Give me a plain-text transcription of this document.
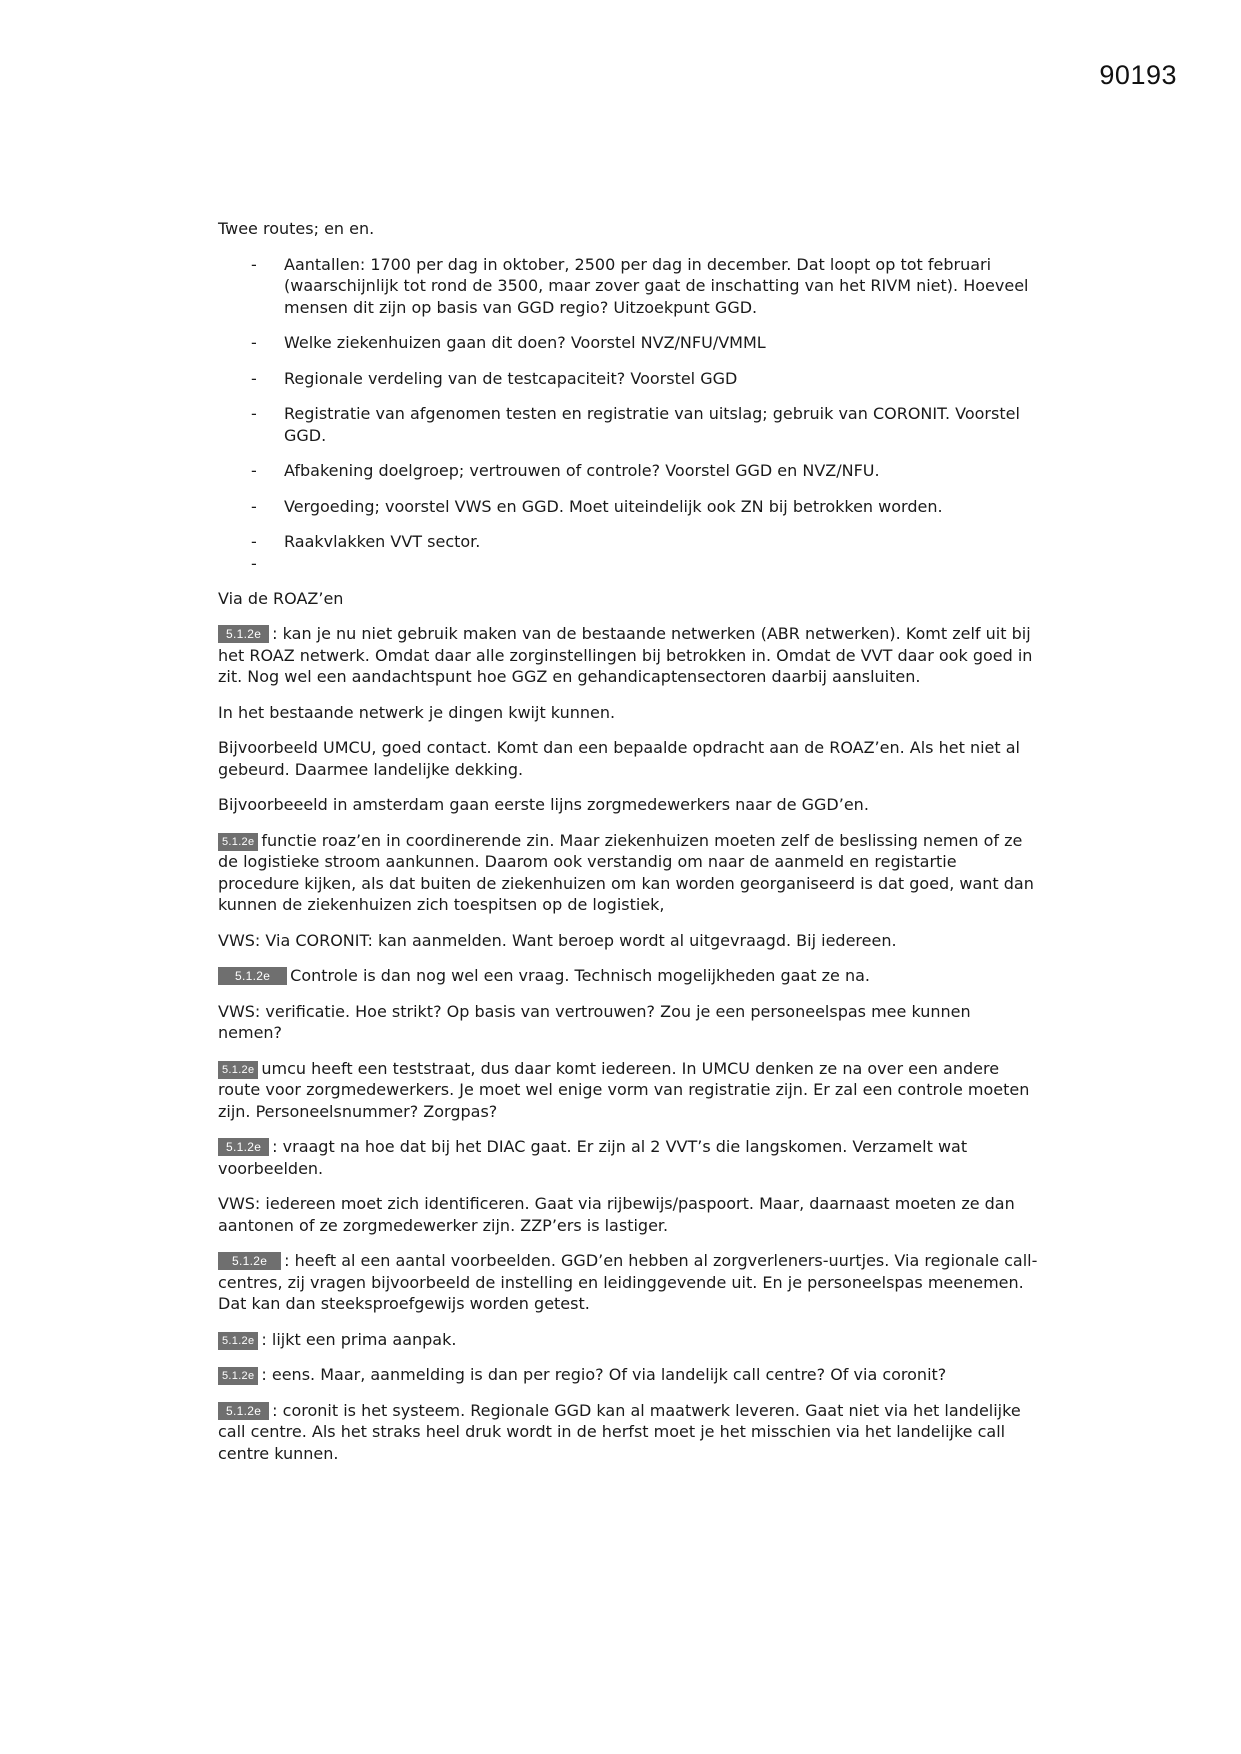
90193

Twee routes; en en.

- Aantallen: 1700 per dag in oktober, 2500 per dag in december. Dat loopt op tot februari (waarschijnlijk tot rond de 3500, maar zover gaat de inschatting van het RIVM niet). Hoeveel mensen dit zijn op basis van GGD regio? Uitzoekpunt GGD.
- Welke ziekenhuizen gaan dit doen? Voorstel NVZ/NFU/VMML
- Regionale verdeling van de testcapaciteit? Voorstel GGD
- Registratie van afgenomen testen en registratie van uitslag; gebruik van CORONIT. Voorstel GGD.
- Afbakening doelgroep; vertrouwen of controle? Voorstel GGD en NVZ/NFU.
- Vergoeding; voorstel VWS en GGD. Moet uiteindelijk ook ZN bij betrokken worden.
- Raakvlakken VVT sector.
-

Via de ROAZ’en

5.1.2e : kan je nu niet gebruik maken van de bestaande netwerken (ABR netwerken). Komt zelf uit bij het ROAZ netwerk. Omdat daar alle zorginstellingen bij betrokken in. Omdat de VVT daar ook goed in zit. Nog wel een aandachtspunt hoe GGZ en gehandicaptensectoren daarbij aansluiten.

In het bestaande netwerk je dingen kwijt kunnen.

Bijvoorbeeld UMCU, goed contact. Komt dan een bepaalde opdracht aan de ROAZ’en. Als het niet al gebeurd. Daarmee landelijke dekking.

Bijvoorbeeeld in amsterdam gaan eerste lijns zorgmedewerkers naar de GGD’en.

5.1.2e functie roaz’en in coordinerende zin. Maar ziekenhuizen moeten zelf de beslissing nemen of ze de logistieke stroom aankunnen. Daarom ook verstandig om naar de aanmeld en registartie procedure kijken, als dat buiten de ziekenhuizen om kan worden georganiseerd is dat goed, want dan kunnen de ziekenhuizen zich toespitsen op de logistiek,

VWS: Via CORONIT: kan aanmelden. Want beroep wordt al uitgevraagd. Bij iedereen.

5.1.2e Controle is dan nog wel een vraag. Technisch mogelijkheden gaat ze na.

VWS: verificatie. Hoe strikt? Op basis van vertrouwen? Zou je een personeelspas mee kunnen nemen?

5.1.2e umcu heeft een teststraat, dus daar komt iedereen. In UMCU denken ze na over een andere route voor zorgmedewerkers. Je moet wel enige vorm van registratie zijn. Er zal een controle moeten zijn. Personeelsnummer? Zorgpas?

5.1.2e : vraagt na hoe dat bij het DIAC gaat. Er zijn al 2 VVT’s die langskomen. Verzamelt wat voorbeelden.

VWS: iedereen moet zich identificeren. Gaat via rijbewijs/paspoort. Maar, daarnaast moeten ze dan aantonen of ze zorgmedewerker zijn. ZZP’ers is lastiger.

5.1.2e : heeft al een aantal voorbeelden. GGD’en hebben al zorgverleners-uurtjes. Via regionale call-centres, zij vragen bijvoorbeeld de instelling en leidinggevende uit. En je personeelspas meenemen. Dat kan dan steeksproefgewijs worden getest.

5.1.2e : lijkt een prima aanpak.

5.1.2e : eens. Maar, aanmelding is dan per regio? Of via landelijk call centre? Of via coronit?

5.1.2e : coronit is het systeem. Regionale GGD kan al maatwerk leveren. Gaat niet via het landelijke call centre. Als het straks heel druk wordt in de herfst moet je het misschien via het landelijke call centre kunnen.
